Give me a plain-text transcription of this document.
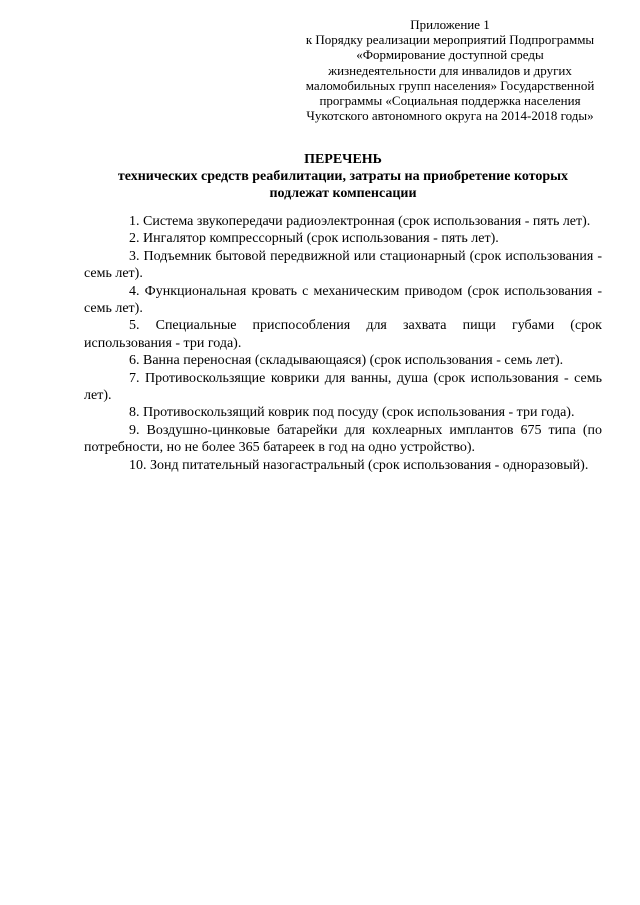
Приложение 1
к Порядку реализации мероприятий Подпрограммы
«Формирование доступной среды
жизнедеятельности для инвалидов и других
маломобильных групп населения» Государственной
программы «Социальная поддержка населения
Чукотского автономного округа на 2014-2018 годы»
ПЕРЕЧЕНЬ
технических средств реабилитации, затраты на приобретение которых
подлежат компенсации

1. Система звукопередачи радиоэлектронная (срок использования - пять лет).

2. Ингалятор компрессорный (срок использования - пять лет).

3. Подъемник бытовой передвижной или стационарный (срок использования - семь лет).

4. Функциональная кровать с механическим приводом (срок использования - семь лет).

5. Специальные приспособления для захвата пищи губами (срок использования - три года).

6. Ванна переносная (складывающаяся) (срок использования - семь лет).

7. Противоскользящие коврики для ванны, душа (срок использования - семь лет).

8. Противоскользящий коврик под посуду (срок использования - три года).

9. Воздушно-цинковые батарейки для кохлеарных имплантов 675 типа (по потребности, но не более 365 батареек в год на одно устройство).

10. Зонд питательный назогастральный (срок использования - одноразовый).
